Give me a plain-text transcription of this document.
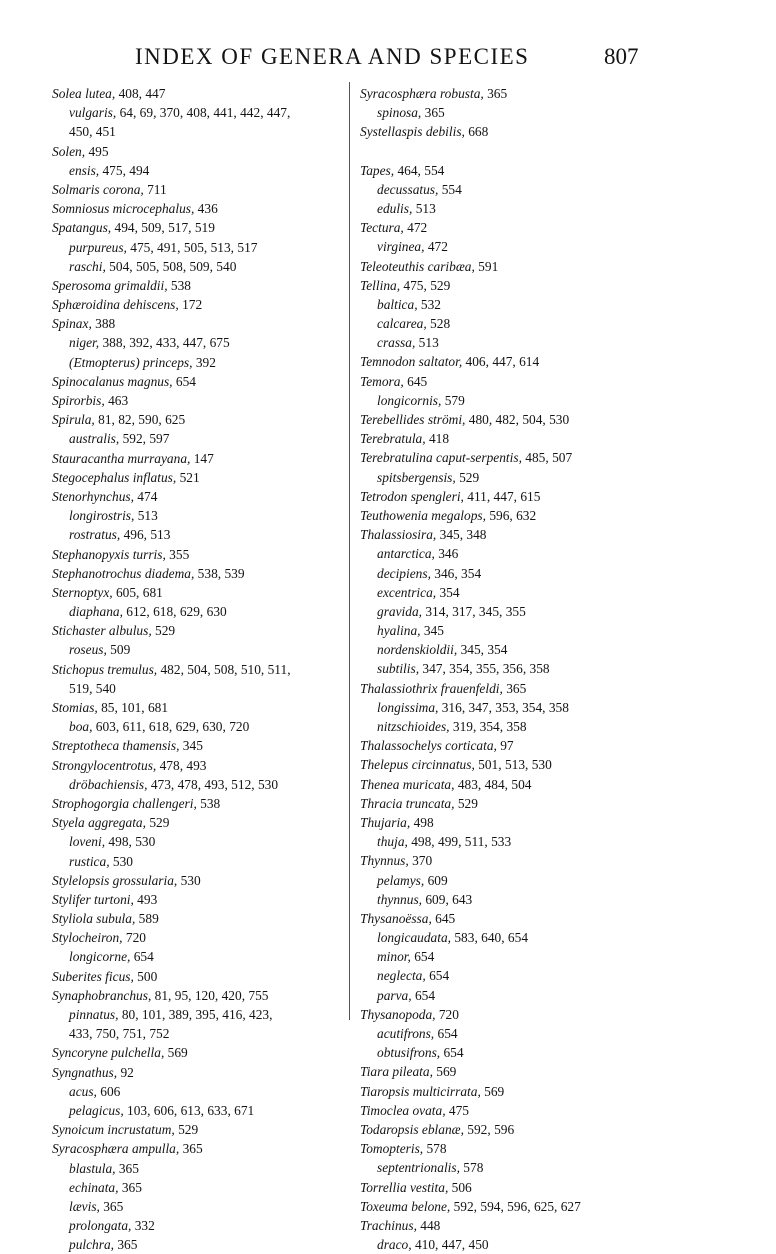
INDEX OF GENERA AND SPECIES	807
Solea lutea, 408, 447
vulgaris, 64, 69, 370, 408, 441, 442, 447,
450, 451
Solen, 495
ensis, 475, 494
Solmaris corona, 711
Somniosus microcephalus, 436
Spatangus, 494, 509, 517, 519
purpureus, 475, 491, 505, 513, 517
raschi, 504, 505, 508, 509, 540
Sperosoma grimaldii, 538
Sphæroidina dehiscens, 172
Spinax, 388
niger, 388, 392, 433, 447, 675
(Etmopterus) princeps, 392
Spinocalanus magnus, 654
Spirorbis, 463
Spirula, 81, 82, 590, 625
australis, 592, 597
Stauracantha murrayana, 147
Stegocephalus inflatus, 521
Stenorhynchus, 474
longirostris, 513
rostratus, 496, 513
Stephanopyxis turris, 355
Stephanotrochus diadema, 538, 539
Sternoptyx, 605, 681
diaphana, 612, 618, 629, 630
Stichaster albulus, 529
roseus, 509
Stichopus tremulus, 482, 504, 508, 510, 511,
519, 540
Stomias, 85, 101, 681
boa, 603, 611, 618, 629, 630, 720
Streptotheca thamensis, 345
Strongylocentrotus, 478, 493
dröbachiensis, 473, 478, 493, 512, 530
Strophogorgia challengeri, 538
Styela aggregata, 529
loveni, 498, 530
rustica, 530
Stylelopsis grossularia, 530
Stylifer turtoni, 493
Styliola subula, 589
Stylocheiron, 720
longicorne, 654
Suberites ficus, 500
Synaphobranchus, 81, 95, 120, 420, 755
pinnatus, 80, 101, 389, 395, 416, 423,
433, 750, 751, 752
Syncoryne pulchella, 569
Syngnathus, 92
acus, 606
pelagicus, 103, 606, 613, 633, 671
Synoicum incrustatum, 529
Syracosphæra ampulla, 365
blastula, 365
echinata, 365
lævis, 365
prolongata, 332
pulchra, 365
Syracosphæra robusta, 365
spinosa, 365
Systellaspis debilis, 668
Tapes, 464, 554
decussatus, 554
edulis, 513
Tectura, 472
virginea, 472
Teleoteuthis caribæa, 591
Tellina, 475, 529
baltica, 532
calcarea, 528
crassa, 513
Temnodon saltator, 406, 447, 614
Temora, 645
longicornis, 579
Terebellides strömi, 480, 482, 504, 530
Terebratula, 418
Terebratulina caput-serpentis, 485, 507
spitsbergensis, 529
Tetrodon spengleri, 411, 447, 615
Teuthowenia megalops, 596, 632
Thalassiosira, 345, 348
antarctica, 346
decipiens, 346, 354
excentrica, 354
gravida, 314, 317, 345, 355
hyalina, 345
nordenskioldii, 345, 354
subtilis, 347, 354, 355, 356, 358
Thalassiothrix frauenfeldi, 365
longissima, 316, 347, 353, 354, 358
nitzschioides, 319, 354, 358
Thalassochelys corticata, 97
Thelepus circinnatus, 501, 513, 530
Thenea muricata, 483, 484, 504
Thracia truncata, 529
Thujaria, 498
thuja, 498, 499, 511, 533
Thynnus, 370
pelamys, 609
thynnus, 609, 643
Thysanoëssa, 645
longicaudata, 583, 640, 654
minor, 654
neglecta, 654
parva, 654
Thysanopoda, 720
acutifrons, 654
obtusifrons, 654
Tiara pileata, 569
Tiaropsis multicirrata, 569
Timoclea ovata, 475
Todaropsis eblanæ, 592, 596
Tomopteris, 578
septentrionalis, 578
Torrellia vestita, 506
Toxeuma belone, 592, 594, 596, 625, 627
Trachinus, 448
draco, 410, 447, 450
